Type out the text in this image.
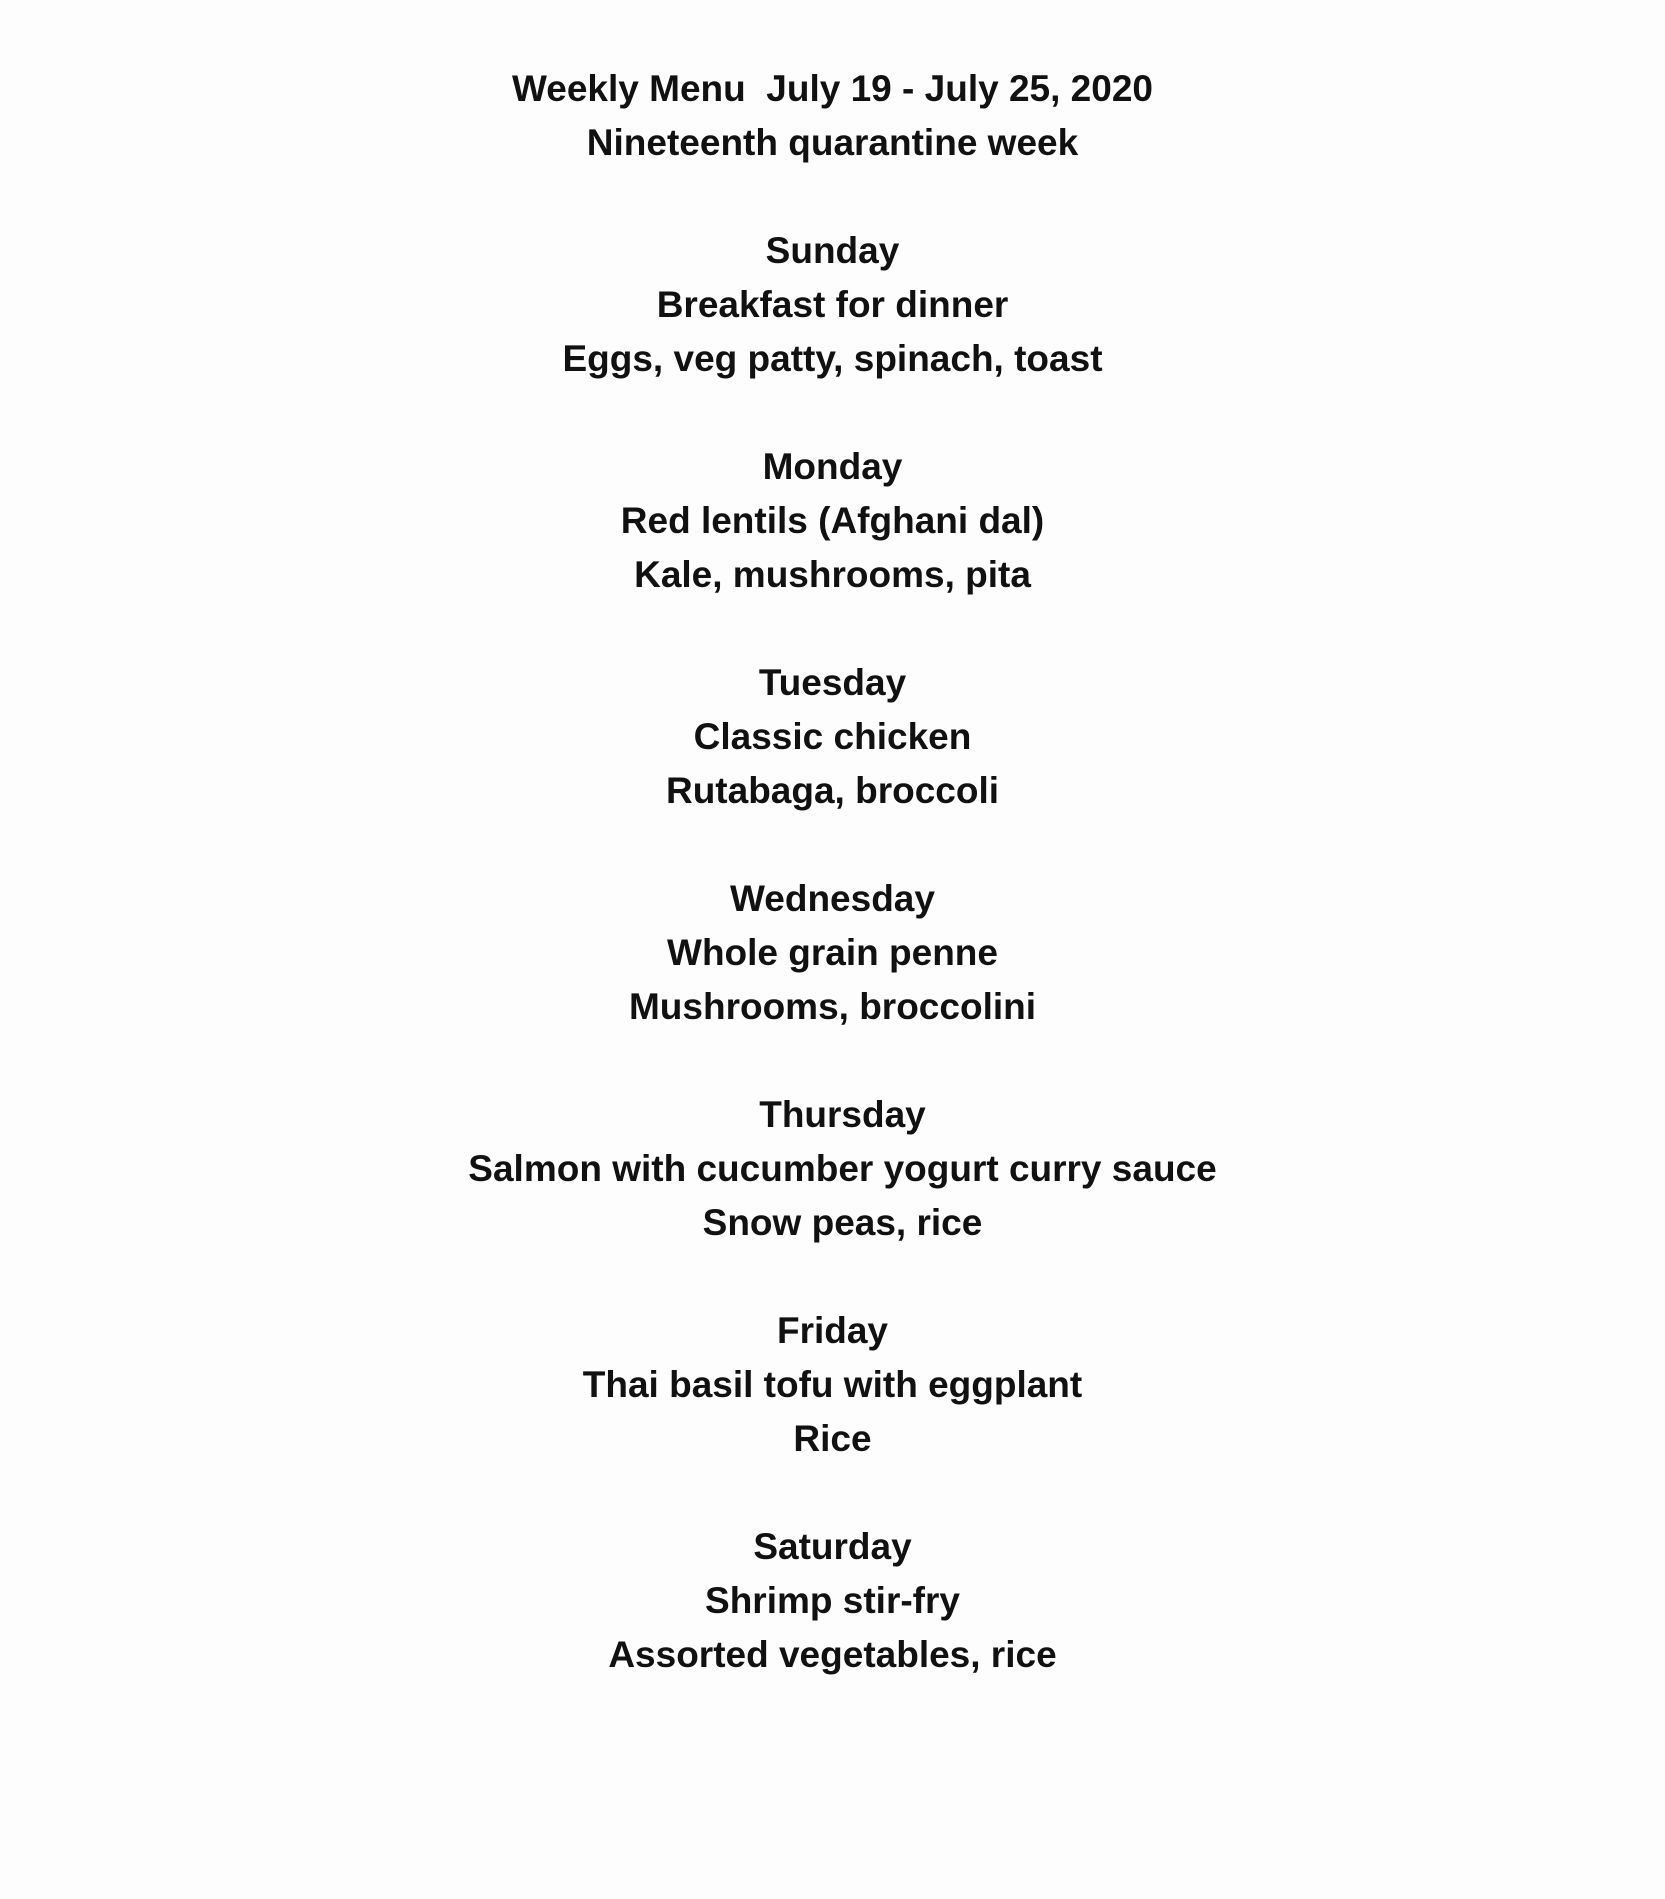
Weekly Menu  July 19 - July 25, 2020
Nineteenth quarantine week
Sunday
Breakfast for dinner
Eggs, veg patty, spinach, toast
Monday
Red lentils (Afghani dal)
Kale, mushrooms, pita
Tuesday
Classic chicken
Rutabaga, broccoli
Wednesday
Whole grain penne
Mushrooms, broccolini
Thursday
Salmon with cucumber yogurt curry sauce
Snow peas, rice
Friday
Thai basil tofu with eggplant
Rice
Saturday
Shrimp stir-fry
Assorted vegetables, rice
